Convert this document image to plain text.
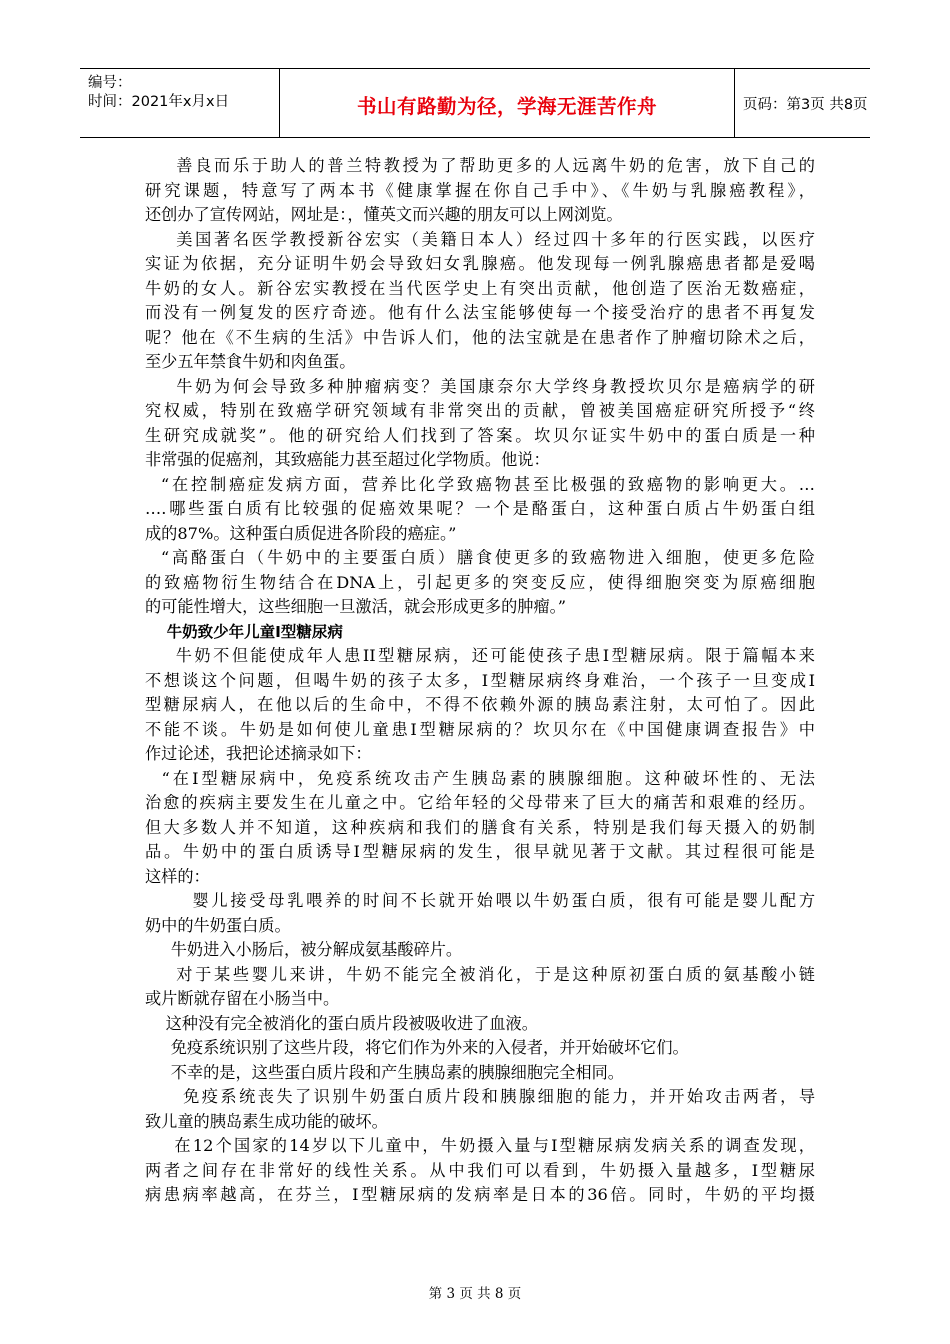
编号：
时间：2021年x月x日	书山有路勤为径，学海无涯苦作舟	页码：第3页 共8页
善良而乐于助人的普兰特教授为了帮助更多的人远离牛奶的危害，放下自己的
研究课题，特意写了两本书《健康掌握在你自己手中》、《牛奶与乳腺癌教程》，
还创办了宣传网站，网址是：，懂英文而兴趣的朋友可以上网浏览。
美国著名医学教授新谷宏实（美籍日本人）经过四十多年的行医实践，以医疗
实证为依据，充分证明牛奶会导致妇女乳腺癌。他发现每一例乳腺癌患者都是爱喝
牛奶的女人。新谷宏实教授在当代医学史上有突出贡献，他创造了医治无数癌症，
而没有一例复发的医疗奇迹。他有什么法宝能够使每一个接受治疗的患者不再复发
呢？他在《不生病的生活》中告诉人们，他的法宝就是在患者作了肿瘤切除术之后，
至少五年禁食牛奶和肉鱼蛋。
牛奶为何会导致多种肿瘤病变？美国康奈尔大学终身教授坎贝尔是癌病学的研
究权威，特别在致癌学研究领域有非常突出的贡献，曾被美国癌症研究所授予“终
生研究成就奖”。他的研究给人们找到了答案。坎贝尔证实牛奶中的蛋白质是一种
非常强的促癌剂，其致癌能力甚至超过化学物质。他说：
“在控制癌症发病方面，营养比化学致癌物甚至比极强的致癌物的影响更大。…
….哪些蛋白质有比较强的促癌效果呢？一个是酪蛋白，这种蛋白质占牛奶蛋白组
成的87%。这种蛋白质促进各阶段的癌症。”
“高酪蛋白（牛奶中的主要蛋白质）膳食使更多的致癌物进入细胞，使更多危险
的致癌物衍生物结合在DNA上，引起更多的突变反应，使得细胞突变为原癌细胞
的可能性增大，这些细胞一旦激活，就会形成更多的肿瘤。”
牛奶致少年儿童I型糖尿病
牛奶不但能使成年人患II型糖尿病，还可能使孩子患I型糖尿病。限于篇幅本来
不想谈这个问题，但喝牛奶的孩子太多，I型糖尿病终身难治，一个孩子一旦变成I
型糖尿病人，在他以后的生命中，不得不依赖外源的胰岛素注射，太可怕了。因此
不能不谈。牛奶是如何使儿童患I型糖尿病的？坎贝尔在《中国健康调查报告》中
作过论述，我把论述摘录如下：
“在I型糖尿病中，免疫系统攻击产生胰岛素的胰腺细胞。这种破坏性的、无法
治愈的疾病主要发生在儿童之中。它给年轻的父母带来了巨大的痛苦和艰难的经历。
但大多数人并不知道，这种疾病和我们的膳食有关系，特别是我们每天摄入的奶制
品。牛奶中的蛋白质诱导I型糖尿病的发生，很早就见著于文献。其过程很可能是
这样的：
婴儿接受母乳喂养的时间不长就开始喂以牛奶蛋白质，很有可能是婴儿配方
奶中的牛奶蛋白质。
牛奶进入小肠后，被分解成氨基酸碎片。
对于某些婴儿来讲，牛奶不能完全被消化，于是这种原初蛋白质的氨基酸小链
或片断就存留在小肠当中。
这种没有完全被消化的蛋白质片段被吸收进了血液。
免疫系统识别了这些片段，将它们作为外来的入侵者，并开始破坏它们。
不幸的是，这些蛋白质片段和产生胰岛素的胰腺细胞完全相同。
免疫系统丧失了识别牛奶蛋白质片段和胰腺细胞的能力，并开始攻击两者，导
致儿童的胰岛素生成功能的破坏。
在12个国家的14岁以下儿童中，牛奶摄入量与I型糖尿病发病关系的调查发现，
两者之间存在非常好的线性关系。从中我们可以看到，牛奶摄入量越多，I型糖尿
病患病率越高，在芬兰，I型糖尿病的发病率是日本的36倍。同时，牛奶的平均摄
第 3 页 共 8 页
